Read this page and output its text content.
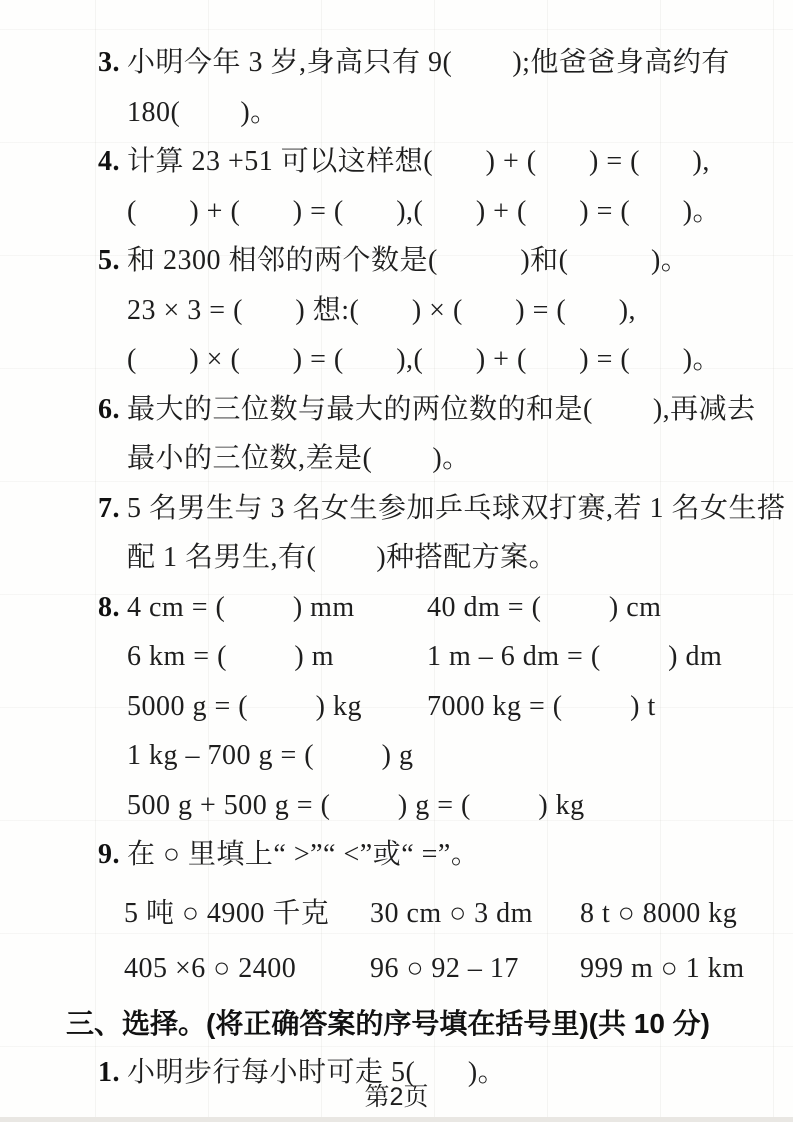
3. 小明今年 3 岁,身高只有 9(        );他爸爸身高约有
180(        )。
4. 计算 23 +51 可以这样想(       ) + (       ) = (       ),
(       ) + (       ) = (       ),(       ) + (       ) = (       )。
5. 和 2300 相邻的两个数是(           )和(           )。
23 × 3 = (       ) 想:(       ) × (       ) = (       ),
(       ) × (       ) = (       ),(       ) + (       ) = (       )。
6. 最大的三位数与最大的两位数的和是(        ),再减去
最小的三位数,差是(        )。
7. 5 名男生与 3 名女生参加乒乓球双打赛,若 1 名女生搭
配 1 名男生,有(        )种搭配方案。
8. 4 cm = (         ) mm	40 dm = (         ) cm
6 km = (         ) m	1 m – 6 dm = (         ) dm
5000 g = (         ) kg 7000 kg = (         ) t
1 kg – 700 g = (         ) g
500 g + 500 g = (         ) g = (         ) kg
9. 在 ○ 里填上“ >”“ <”或“ =”。
5 吨 ○ 4900 千克 30 cm ○ 3 dm 8 t ○ 8000 kg
405 ×6 ○ 2400	96 ○ 92 – 17 999 m ○ 1 km
三、选择。(将正确答案的序号填在括号里)(共 10 分)
1. 小明步行每小时可走 5(       )。
第2页
